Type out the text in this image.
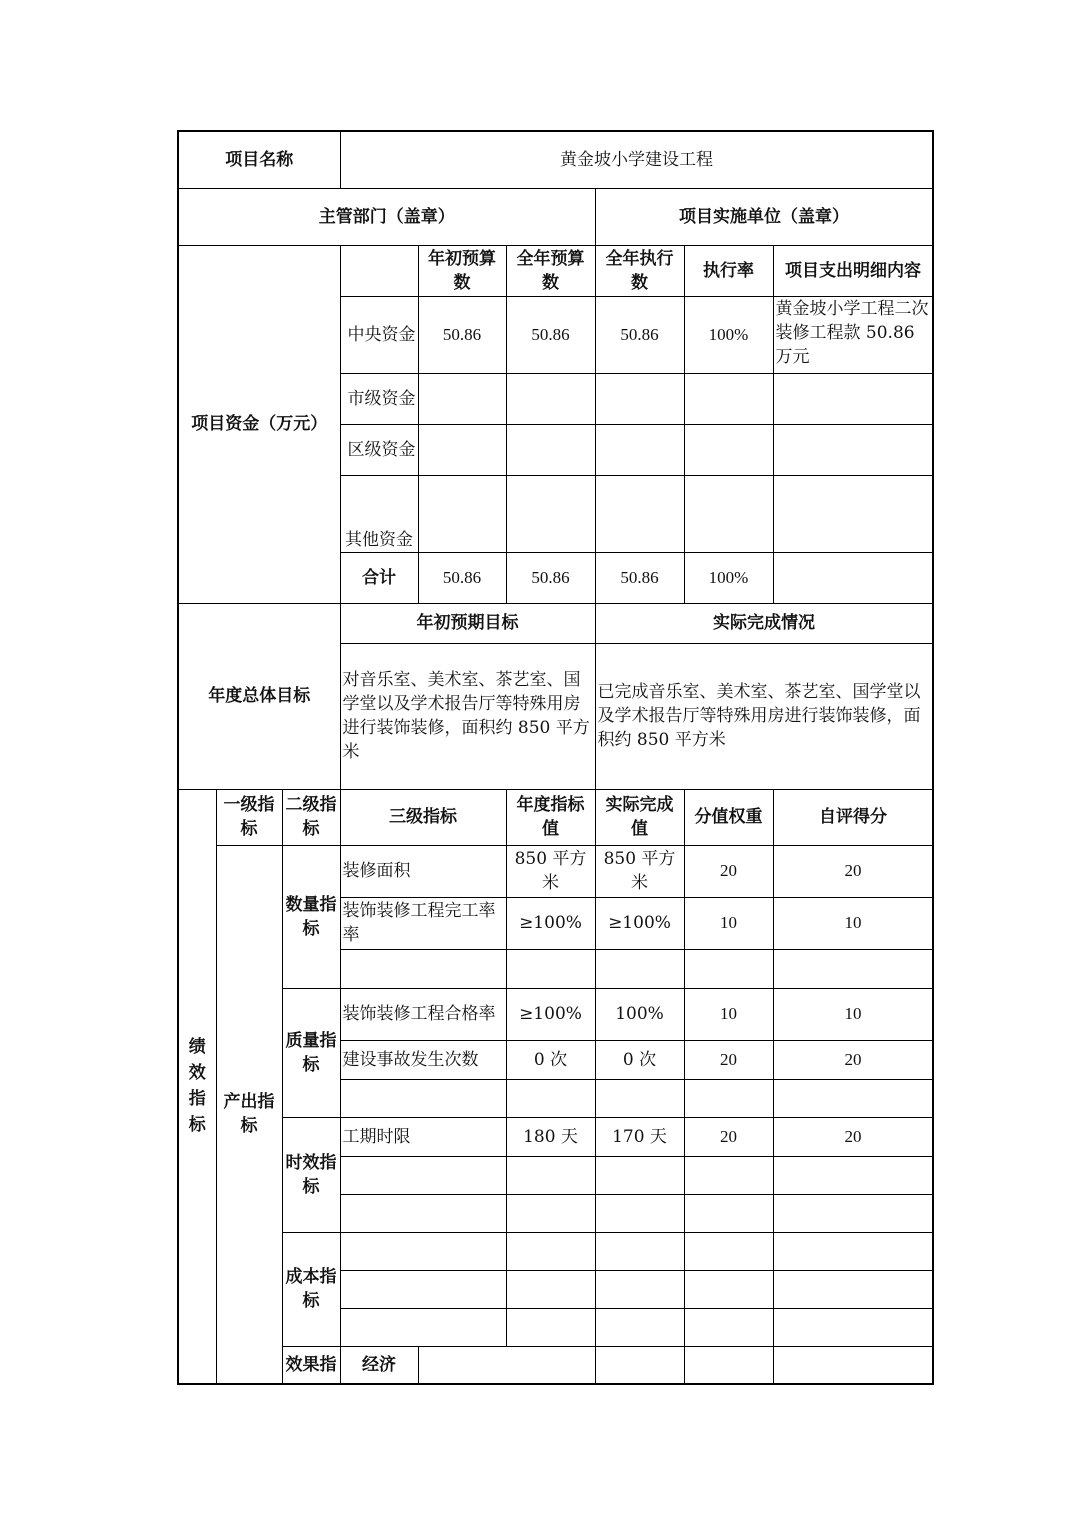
项目名称			黄金坡小学建设工程						
主管部门（盖章）						项目实施单位（盖章）			
项目资金（万元）				年初预算数	全年预算数	全年执行数	执行率	项目支出明细内容	
			中央资金	50.86	50.86	50.86	100%	黄金坡小学工程二次装修工程款 50.86 万元	
			市级资金						
			区级资金						
			其他资金						
			合计	50.86	50.86	50.86	100%		
年度总体目标			年初预期目标			实际完成情况			
			对音乐室、美术室、茶艺室、国学堂以及学术报告厅等特殊用房进行装饰装修，面积约 850 平方米			已完成音乐室、美术室、茶艺室、国学堂以及学术报告厅等特殊用房进行装饰装修，面积约 850 平方米			
绩效指标	一级指标	二级指标	三级指标		年度指标值	实际完成值	分值权重	自评得分	
	产出指标	数量指标	装修面积		850 平方米	850 平方米	20	20	
			装饰装修工程完工率率		≥100%	≥100%	10	10	

		质量指标	装饰装修工程合格率		≥100%	100%	10	10	
			建设事故发生次数		0 次	0 次	20	20	

		时效指标	工期时限		180 天	170 天	20	20	

		成本指标							

		效果指	经济						
